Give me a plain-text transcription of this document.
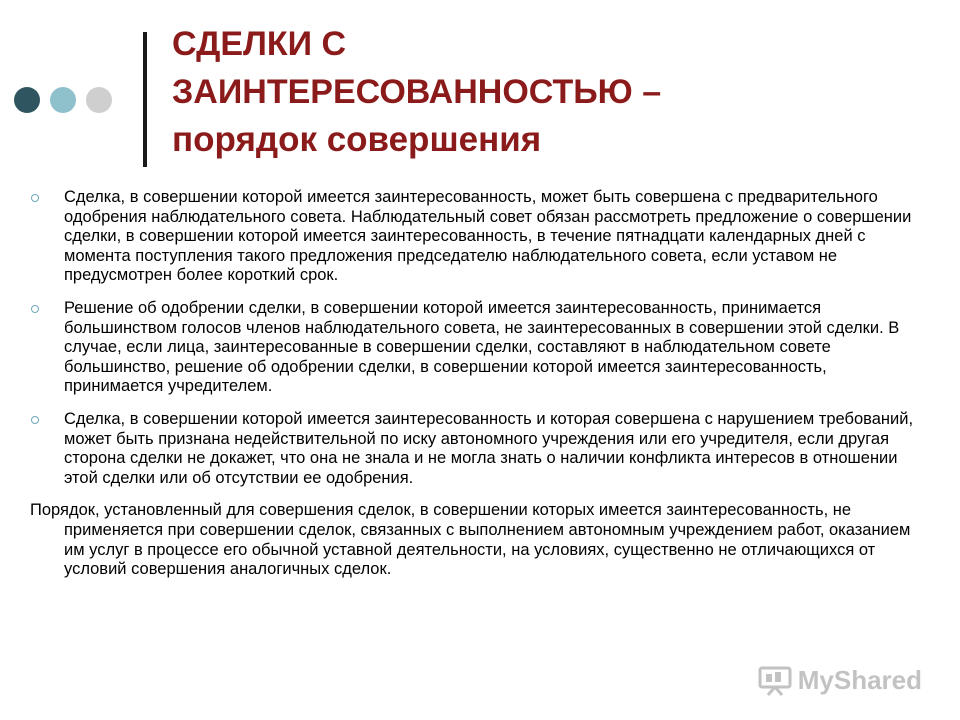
СДЕЛКИ С
ЗАИНТЕРЕСОВАННОСТЬЮ –
порядок совершения

Сделка, в совершении которой имеется заинтересованность, может быть совершена с предварительного одобрения наблюдательного совета. Наблюдательный совет обязан рассмотреть предложение о совершении сделки, в совершении которой имеется заинтересованность, в течение пятнадцати календарных дней с момента поступления такого предложения председателю наблюдательного совета, если уставом не предусмотрен более короткий срок.

Решение об одобрении сделки, в совершении которой имеется заинтересованность, принимается большинством голосов членов наблюдательного совета, не заинтересованных в совершении этой сделки. В случае, если лица, заинтересованные в совершении сделки, составляют в наблюдательном совете большинство, решение об одобрении сделки, в совершении которой имеется заинтересованность, принимается учредителем.

Сделка, в совершении которой имеется заинтересованность и которая совершена с нарушением требований, может быть признана недействительной по иску автономного учреждения или его учредителя, если другая сторона сделки не докажет, что она не знала и не могла знать о наличии конфликта интересов в отношении этой сделки или об отсутствии ее одобрения.

Порядок, установленный для совершения сделок, в совершении которых имеется заинтересованность, не применяется при совершении сделок, связанных с выполнением автономным учреждением работ, оказанием им услуг в процессе его обычной уставной деятельности, на условиях, существенно не отличающихся от условий совершения аналогичных сделок.

MyShared
